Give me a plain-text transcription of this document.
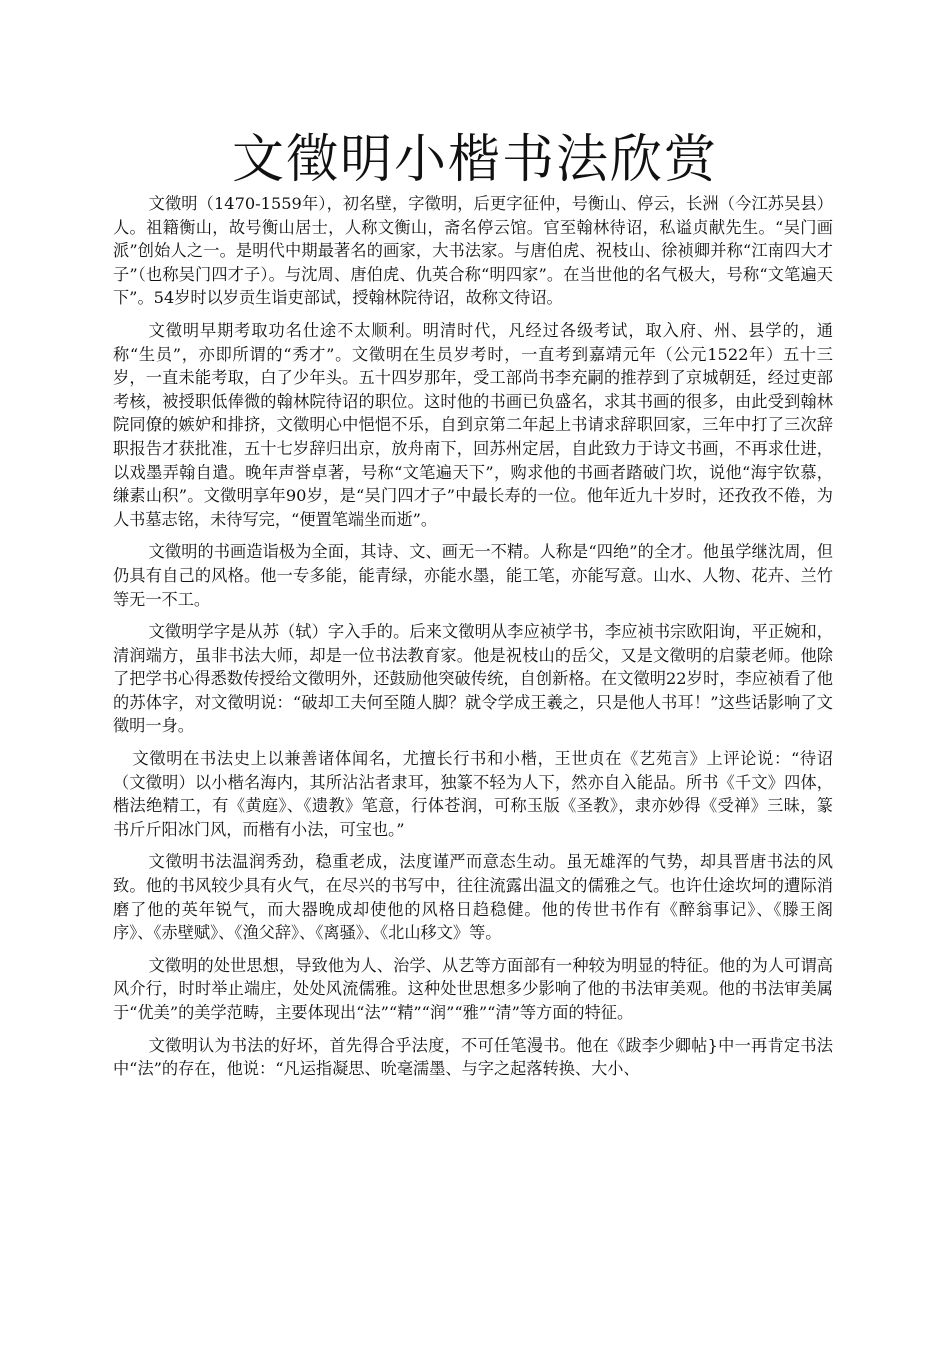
文徵明小楷书法欣赏

文徵明（1470-1559年），初名壁，字徵明，后更字征仲，号衡山、停云，长洲（今江苏吴县）人。祖籍衡山，故号衡山居士，人称文衡山，斋名停云馆。官至翰林待诏，私谥贞献先生。“吴门画派”创始人之一。是明代中期最著名的画家，大书法家。与唐伯虎、祝枝山、徐祯卿并称“江南四大才子”（也称吴门四才子）。与沈周、唐伯虎、仇英合称“明四家”。在当世他的名气极大，号称“文笔遍天下”。54岁时以岁贡生诣吏部试，授翰林院待诏，故称文待诏。

文徵明早期考取功名仕途不太顺利。明清时代，凡经过各级考试，取入府、州、县学的，通称“生员”，亦即所谓的“秀才”。文徵明在生员岁考时，一直考到嘉靖元年（公元1522年）五十三岁，一直未能考取，白了少年头。五十四岁那年，受工部尚书李充嗣的推荐到了京城朝廷，经过吏部考核，被授职低俸微的翰林院待诏的职位。这时他的书画已负盛名，求其书画的很多，由此受到翰林院同僚的嫉妒和排挤，文徵明心中悒悒不乐，自到京第二年起上书请求辞职回家，三年中打了三次辞职报告才获批准，五十七岁辞归出京，放舟南下，回苏州定居，自此致力于诗文书画，不再求仕进，以戏墨弄翰自遣。晚年声誉卓著，号称“文笔遍天下”，购求他的书画者踏破门坎，说他“海宇钦慕，缣素山积”。文徵明享年90岁，是“吴门四才子”中最长寿的一位。他年近九十岁时，还孜孜不倦，为人书墓志铭，未待写完，“便置笔端坐而逝”。

文徵明的书画造诣极为全面，其诗、文、画无一不精。人称是“四绝”的全才。他虽学继沈周，但仍具有自己的风格。他一专多能，能青绿，亦能水墨，能工笔，亦能写意。山水、人物、花卉、兰竹等无一不工。

文徵明学字是从苏（轼）字入手的。后来文徵明从李应祯学书，李应祯书宗欧阳询，平正婉和，清润端方，虽非书法大师，却是一位书法教育家。他是祝枝山的岳父，又是文徵明的启蒙老师。他除了把学书心得悉数传授给文徵明外，还鼓励他突破传统，自创新格。在文徵明22岁时，李应祯看了他的苏体字，对文徵明说：“破却工夫何至随人脚？就令学成王羲之，只是他人书耳！”这些话影响了文徵明一身。

文徵明在书法史上以兼善诸体闻名，尤擅长行书和小楷，王世贞在《艺苑言》上评论说：“待诏（文徵明）以小楷名海内，其所沾沾者隶耳，独篆不轻为人下，然亦自入能品。所书《千文》四体，楷法绝精工，有《黄庭》、《遗教》笔意，行体苍润，可称玉版《圣教》，隶亦妙得《受禅》三昧，篆书斤斤阳冰门风，而楷有小法，可宝也。”

文徵明书法温润秀劲，稳重老成，法度谨严而意态生动。虽无雄浑的气势，却具晋唐书法的风致。他的书风较少具有火气，在尽兴的书写中，往往流露出温文的儒雅之气。也许仕途坎坷的遭际消磨了他的英年锐气，而大器晚成却使他的风格日趋稳健。他的传世书作有《醉翁事记》、《滕王阁序》、《赤壁赋》、《渔父辞》、《离骚》、《北山移文》等。

文徵明的处世思想，导致他为人、治学、从艺等方面部有一种较为明显的特征。他的为人可谓高风介行，时时举止端庄，处处风流儒雅。这种处世思想多少影响了他的书法审美观。他的书法审美属于“优美”的美学范畴，主要体现出“法”“精”“润”“雅”“清”等方面的特征。

文徵明认为书法的好坏，首先得合乎法度，不可任笔漫书。他在《跋李少卿帖}中一再肯定书法中“法”的存在，他说：“凡运指凝思、吮毫濡墨、与字之起落转换、大小、
